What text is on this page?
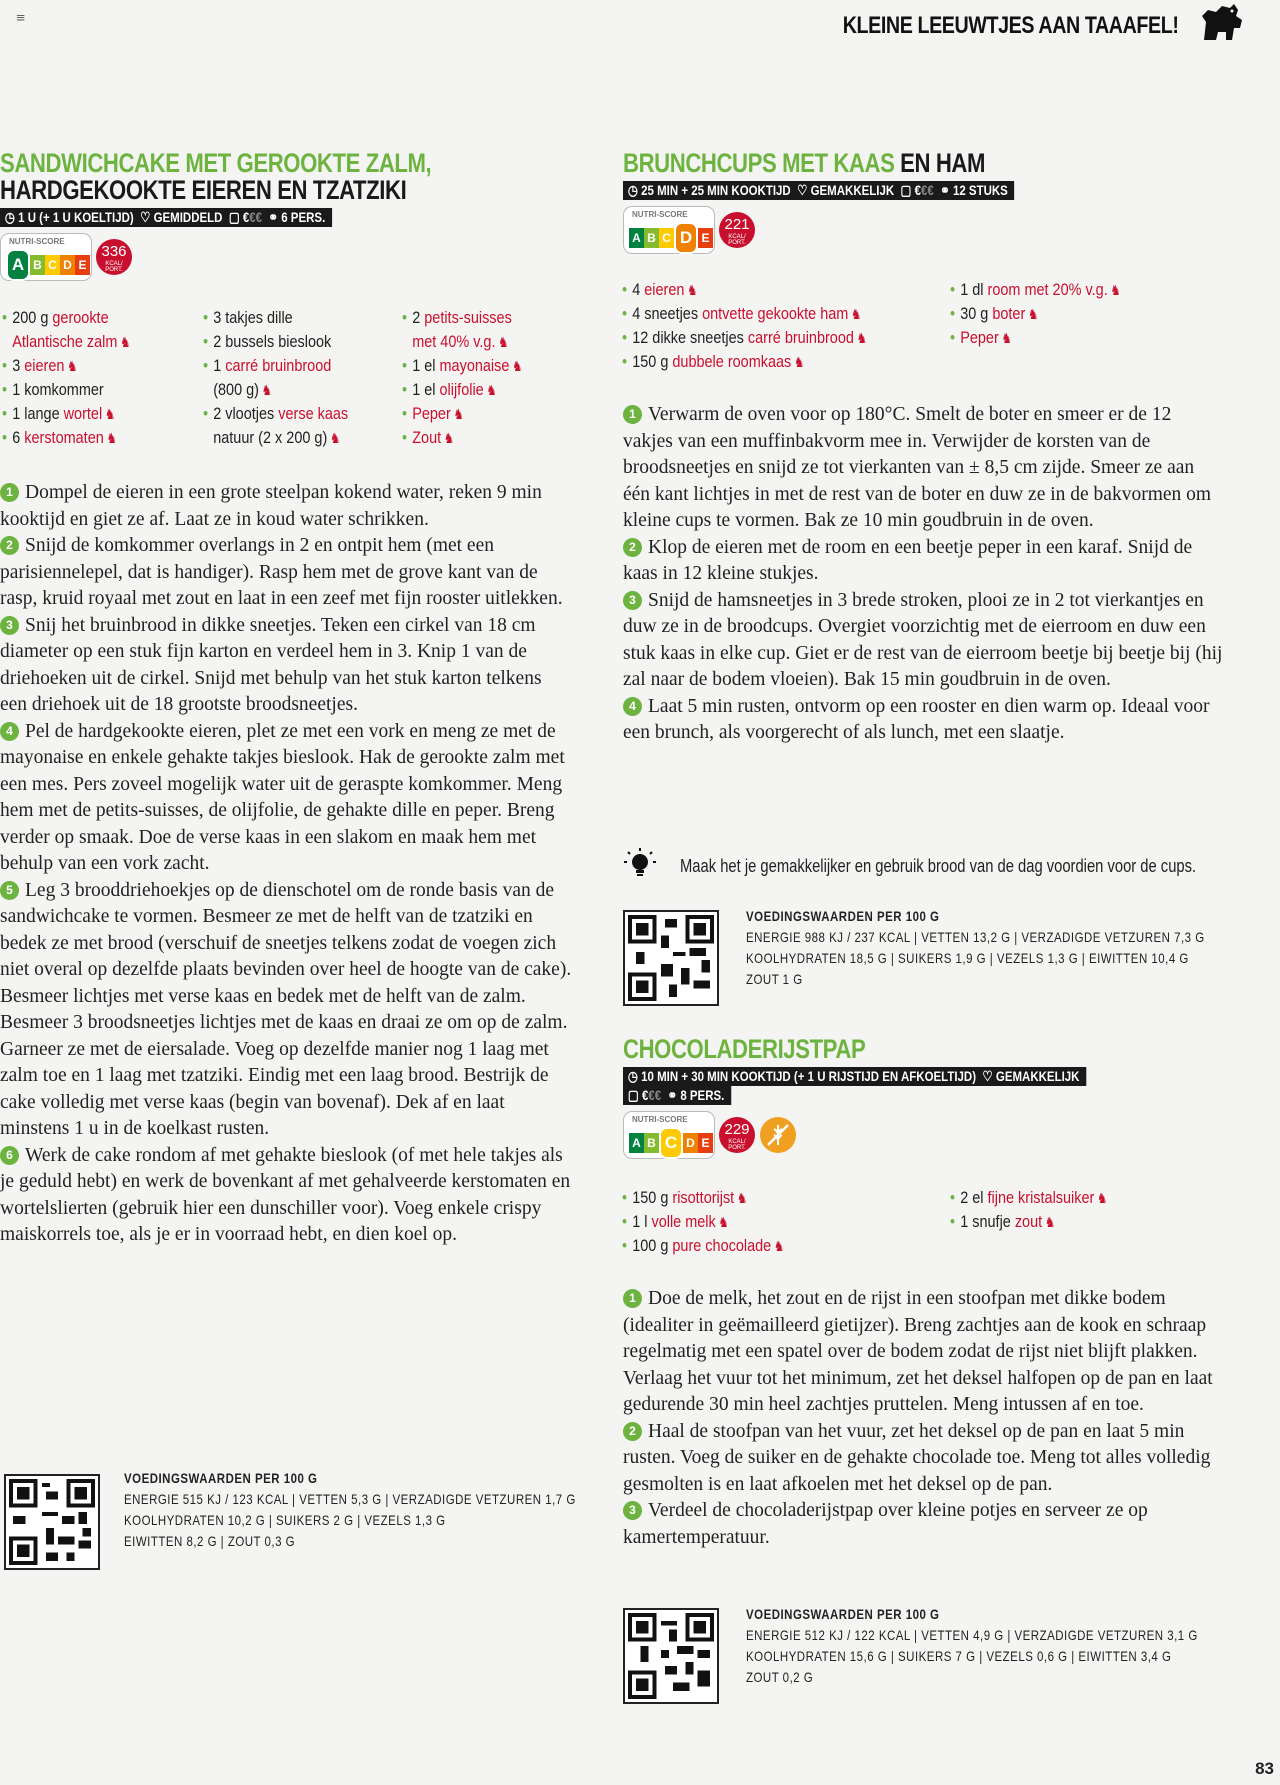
≡	KLEINE LEEUWTJES AAN TAAAFEL!
SANDWICHCAKE MET GEROOKTE ZALM,
HARDGEKOOKTE EIEREN EN TZATZIKI
◷ 1 U (+ 1 U KOELTIJD) ♡ GEMIDDELD ▢ €€€ ⚭ 6 PERS.
NUTRI-SCORE
A B C D E
336
KCAL/ PORT.
• 200 g gerookte Atlantische zalm ♞
• 3 eieren ♞
• 1 komkommer
• 1 lange wortel ♞
• 6 kerstomaten ♞
• 3 takjes dille
• 2 bussels bieslook
• 1 carré bruinbrood (800 g) ♞
• 2 vlootjes verse kaas natuur (2 x 200 g) ♞
• 2 petits-suisses met 40% v.g. ♞
• 1 el mayonaise ♞
• 1 el olijfolie ♞
• Peper ♞
• Zout ♞

1 Dompel de eieren in een grote steelpan kokend water, reken 9 min kooktijd en giet ze af. Laat ze in koud water schrikken.

2 Snijd de komkommer overlangs in 2 en ontpit hem (met een parisiennelepel, dat is handiger). Rasp hem met de grove kant van de rasp, kruid royaal met zout en laat in een zeef met fijn rooster uitlekken.

3 Snij het bruinbrood in dikke sneetjes. Teken een cirkel van 18 cm diameter op een stuk fijn karton en verdeel hem in 3. Knip 1 van de driehoeken uit de cirkel. Snijd met behulp van het stuk karton telkens een driehoek uit de 18 grootste broodsneetjes.

4 Pel de hardgekookte eieren, plet ze met een vork en meng ze met de mayonaise en enkele gehakte takjes bieslook. Hak de gerookte zalm met een mes. Pers zoveel mogelijk water uit de geraspte komkommer. Meng hem met de petits-suisses, de olijfolie, de gehakte dille en peper. Breng verder op smaak. Doe de verse kaas in een slakom en maak hem met behulp van een vork zacht.

5 Leg 3 brooddriehoekjes op de dienschotel om de ronde basis van de sandwichcake te vormen. Besmeer ze met de helft van de tzatziki en bedek ze met brood (verschuif de sneetjes telkens zodat de voegen zich niet overal op dezelfde plaats bevinden over heel de hoogte van de cake). Besmeer lichtjes met verse kaas en bedek met de helft van de zalm. Besmeer 3 broodsneetjes lichtjes met de kaas en draai ze om op de zalm. Garneer ze met de eiersalade. Voeg op dezelfde manier nog 1 laag met zalm toe en 1 laag met tzatziki. Eindig met een laag brood. Bestrijk de cake volledig met verse kaas (begin van bovenaf). Dek af en laat minstens 1 u in de koelkast rusten.

6 Werk de cake rondom af met gehakte bieslook (of met hele takjes als je geduld hebt) en werk de bovenkant af met gehalveerde kerstomaten en wortelslierten (gebruik hier een dunschiller voor). Voeg enkele crispy maiskorrels toe, als je er in voorraad hebt, en dien koel op.

VOEDINGSWAARDEN PER 100 G
ENERGIE 515 KJ / 123 KCAL | VETTEN 5,3 G | VERZADIGDE VETZUREN 1,7 G
KOOLHYDRATEN 10,2 G | SUIKERS 2 G | VEZELS 1,3 G
EIWITTEN 8,2 G | ZOUT 0,3 G
BRUNCHCUPS MET KAAS EN HAM
◷ 25 MIN + 25 MIN KOOKTIJD ♡ GEMAKKELIJK ▢ €€€ ⚭ 12 STUKS
NUTRI-SCORE
A B C D E
221
KCAL/ PORT.
• 4 eieren ♞
• 4 sneetjes ontvette gekookte ham ♞
• 12 dikke sneetjes carré bruinbrood ♞
• 150 g dubbele roomkaas ♞
• 1 dl room met 20% v.g. ♞
• 30 g boter ♞
• Peper ♞

1 Verwarm de oven voor op 180°C. Smelt de boter en smeer er de 12 vakjes van een muffinbakvorm mee in. Verwijder de korsten van de broodsneetjes en snijd ze tot vierkanten van ± 8,5 cm zijde. Smeer ze aan één kant lichtjes in met de rest van de boter en duw ze in de bakvormen om kleine cups te vormen. Bak ze 10 min goudbruin in de oven.

2 Klop de eieren met de room en een beetje peper in een karaf. Snijd de kaas in 12 kleine stukjes.

3 Snijd de hamsneetjes in 3 brede stroken, plooi ze in 2 tot vierkantjes en duw ze in de broodcups. Overgiet voorzichtig met de eierroom en duw een stuk kaas in elke cup. Giet er de rest van de eierroom beetje bij beetje bij (hij zal naar de bodem vloeien). Bak 15 min goudbruin in de oven.

4 Laat 5 min rusten, ontvorm op een rooster en dien warm op. Ideaal voor een brunch, als voorgerecht of als lunch, met een slaatje.

Maak het je gemakkelijker en gebruik brood van de dag voordien voor de cups.
VOEDINGSWAARDEN PER 100 G
ENERGIE 988 KJ / 237 KCAL | VETTEN 13,2 G | VERZADIGDE VETZUREN 7,3 G
KOOLHYDRATEN 18,5 G | SUIKERS 1,9 G | VEZELS 1,3 G | EIWITTEN 10,4 G
ZOUT 1 G
CHOCOLADERIJSTPAP
◷ 10 MIN + 30 MIN KOOKTIJD (+ 1 U RIJSTIJD EN AFKOELTIJD) ♡ GEMAKKELIJK
▢ €€€ ⚭ 8 PERS.
NUTRI-SCORE
A B C D E
229
KCAL/ PORT.
• 150 g risottorijst ♞
• 1 l volle melk ♞
• 100 g pure chocolade ♞
• 2 el fijne kristalsuiker ♞
• 1 snufje zout ♞

1 Doe de melk, het zout en de rijst in een stoofpan met dikke bodem (idealiter in geëmailleerd gietijzer). Breng zachtjes aan de kook en schraap regelmatig met een spatel over de bodem zodat de rijst niet blijft plakken. Verlaag het vuur tot het minimum, zet het deksel halfopen op de pan en laat gedurende 30 min heel zachtjes pruttelen. Meng intussen af en toe.

2 Haal de stoofpan van het vuur, zet het deksel op de pan en laat 5 min rusten. Voeg de suiker en de gehakte chocolade toe. Meng tot alles volledig gesmolten is en laat afkoelen met het deksel op de pan.

3 Verdeel de chocoladerijstpap over kleine potjes en serveer ze op kamertemperatuur.

VOEDINGSWAARDEN PER 100 G
ENERGIE 512 KJ / 122 KCAL | VETTEN 4,9 G | VERZADIGDE VETZUREN 3,1 G
KOOLHYDRATEN 15,6 G | SUIKERS 7 G | VEZELS 0,6 G | EIWITTEN 3,4 G
ZOUT 0,2 G
83
